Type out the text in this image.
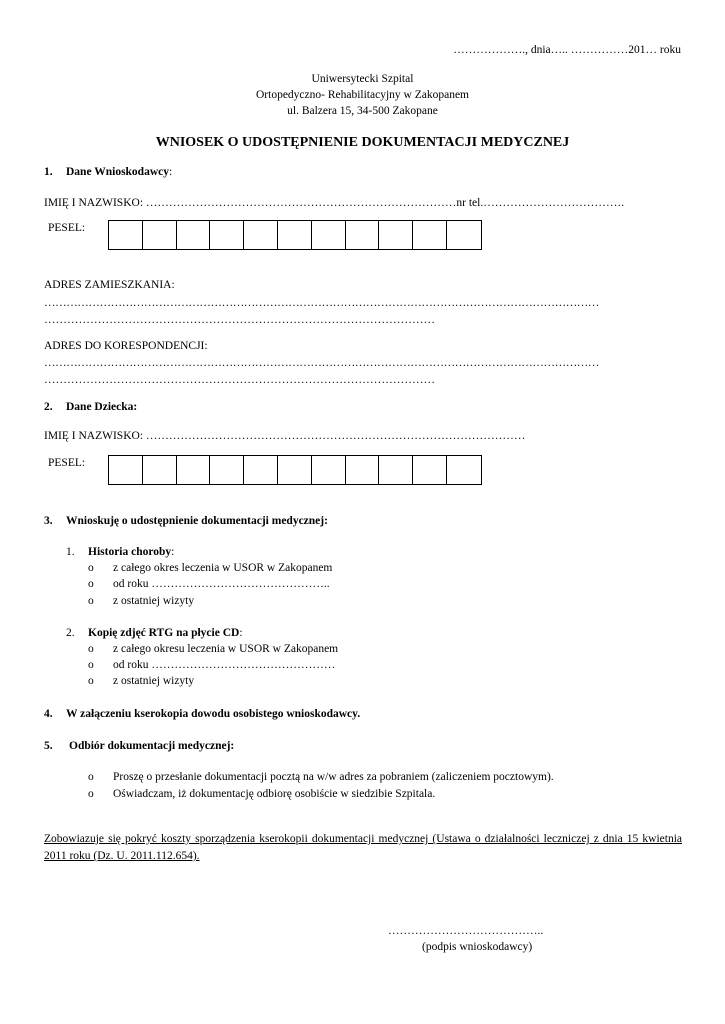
………………., dnia….. ……………201… roku
Uniwersytecki Szpital
Ortopedyczno- Rehabilitacyjny w Zakopanem
ul. Balzera 15, 34-500 Zakopane
WNIOSEK O UDOSTĘPNIENIE DOKUMENTACJI MEDYCZNEJ
1. Dane Wnioskodawcy:
IMIĘ I NAZWISKO: ………………………………………………………………………nr tel.……………………………….
PESEL:
ADRES ZAMIESZKANIA:
……………………………………………………………………………………………………………………………………
…………………………………………………………………………………………
ADRES DO KORESPONDENCJI:
……………………………………………………………………………………………………………………………………
…………………………………………………………………………………………
2. Dane Dziecka:
IMIĘ I NAZWISKO: ………………………………………………………………………………………
PESEL:
3. Wnioskuję o udostępnienie dokumentacji medycznej:
1. Historia choroby:
o z całego okres leczenia w USOR w Zakopanem
o od roku ………………………………………..
o z ostatniej wizyty
2. Kopię zdjęć RTG na płycie CD:
o z całego okresu leczenia w USOR w Zakopanem
o od roku …………………………………………
o z ostatniej wizyty
4. W załączeniu kserokopia dowodu osobistego wnioskodawcy.
5. Odbiór dokumentacji medycznej:
o Proszę o przesłanie dokumentacji pocztą na w/w adres za pobraniem (zaliczeniem pocztowym).
o Oświadczam, iż dokumentację odbiorę osobiście w siedzibie Szpitala.
Zobowiazuje się pokryć koszty sporządzenia kserokopii dokumentacji medycznej (Ustawa o działalności leczniczej z dnia 15 kwietnia 2011 roku (Dz. U. 2011.112.654).
…………………………………..
(podpis wnioskodawcy)
